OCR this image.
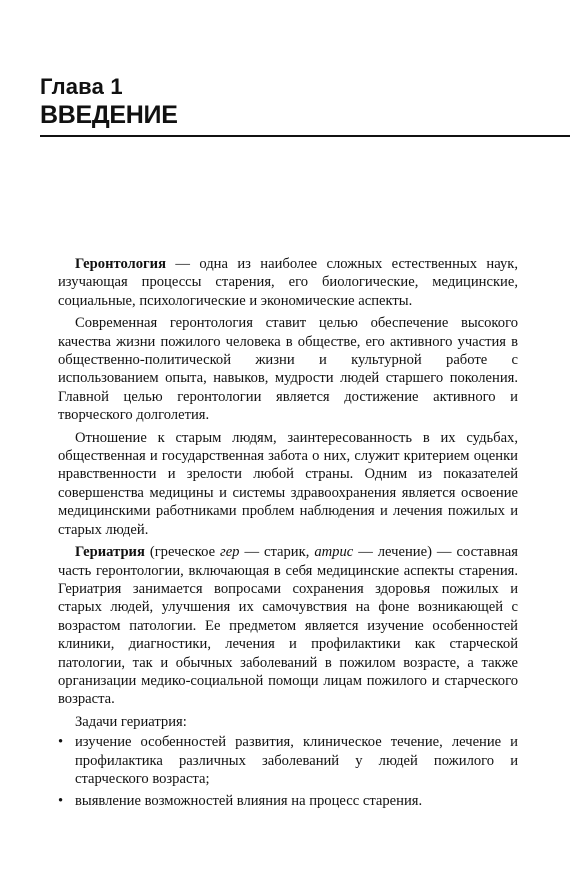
Глава 1
ВВЕДЕНИЕ

Геронтология — одна из наиболее сложных естественных наук, изучающая процессы старения, его биологические, медицинские, социальные, психологические и экономические аспекты.

Современная геронтология ставит целью обеспечение высокого качества жизни пожилого человека в обществе, его активного участия в общественно-политической жизни и культурной работе с использованием опыта, навыков, мудрости людей старшего поколения. Главной целью геронтологии является достижение активного и творческого долголетия.

Отношение к старым людям, заинтересованность в их судьбах, общественная и государственная забота о них, служит критерием оценки нравственности и зрелости любой страны. Одним из показателей совершенства медицины и системы здравоохранения является освоение медицинскими работниками проблем наблюдения и лечения пожилых и старых людей.

Гериатрия (греческое гер — старик, атрис — лечение) — составная часть геронтологии, включающая в себя медицинские аспекты старения. Гериатрия занимается вопросами сохранения здоровья пожилых и старых людей, улучшения их самочувствия на фоне возникающей с возрастом патологии. Ее предметом является изучение особенностей клиники, диагностики, лечения и профилактики как старческой патологии, так и обычных заболеваний в пожилом возрасте, а также организации медико-социальной помощи лицам пожилого и старческого возраста.

Задачи гериатрия:

• изучение особенностей развития, клиническое течение, лечение и профилактика различных заболеваний у людей пожилого и старческого возраста;
• выявление возможностей влияния на процесс старения.
